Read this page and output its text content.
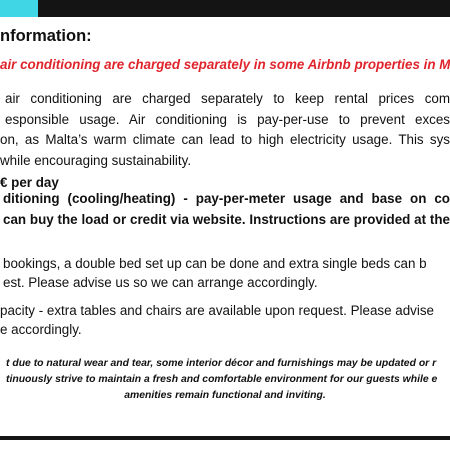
nformation:
air conditioning are charged separately in some Airbnb properties in M
air conditioning are charged separately to keep rental prices com
esponsible usage. Air conditioning is pay-per-use to prevent exces
on, as Malta’s warm climate can lead to high electricity usage. This sys
while encouraging sustainability.
€ per day
ditioning (cooling/heating) - pay-per-meter usage and base on co
can buy the load or credit via website. Instructions are provided at the
bookings, a double bed set up can be done and extra single beds can b
est. Please advise us so we can arrange accordingly.
pacity - extra tables and chairs are available upon request. Please advise
e accordingly.
t due to natural wear and tear, some interior décor and furnishings may be updated or r
tinuously strive to maintain a fresh and comfortable environment for our guests while e
amenities remain functional and inviting.
